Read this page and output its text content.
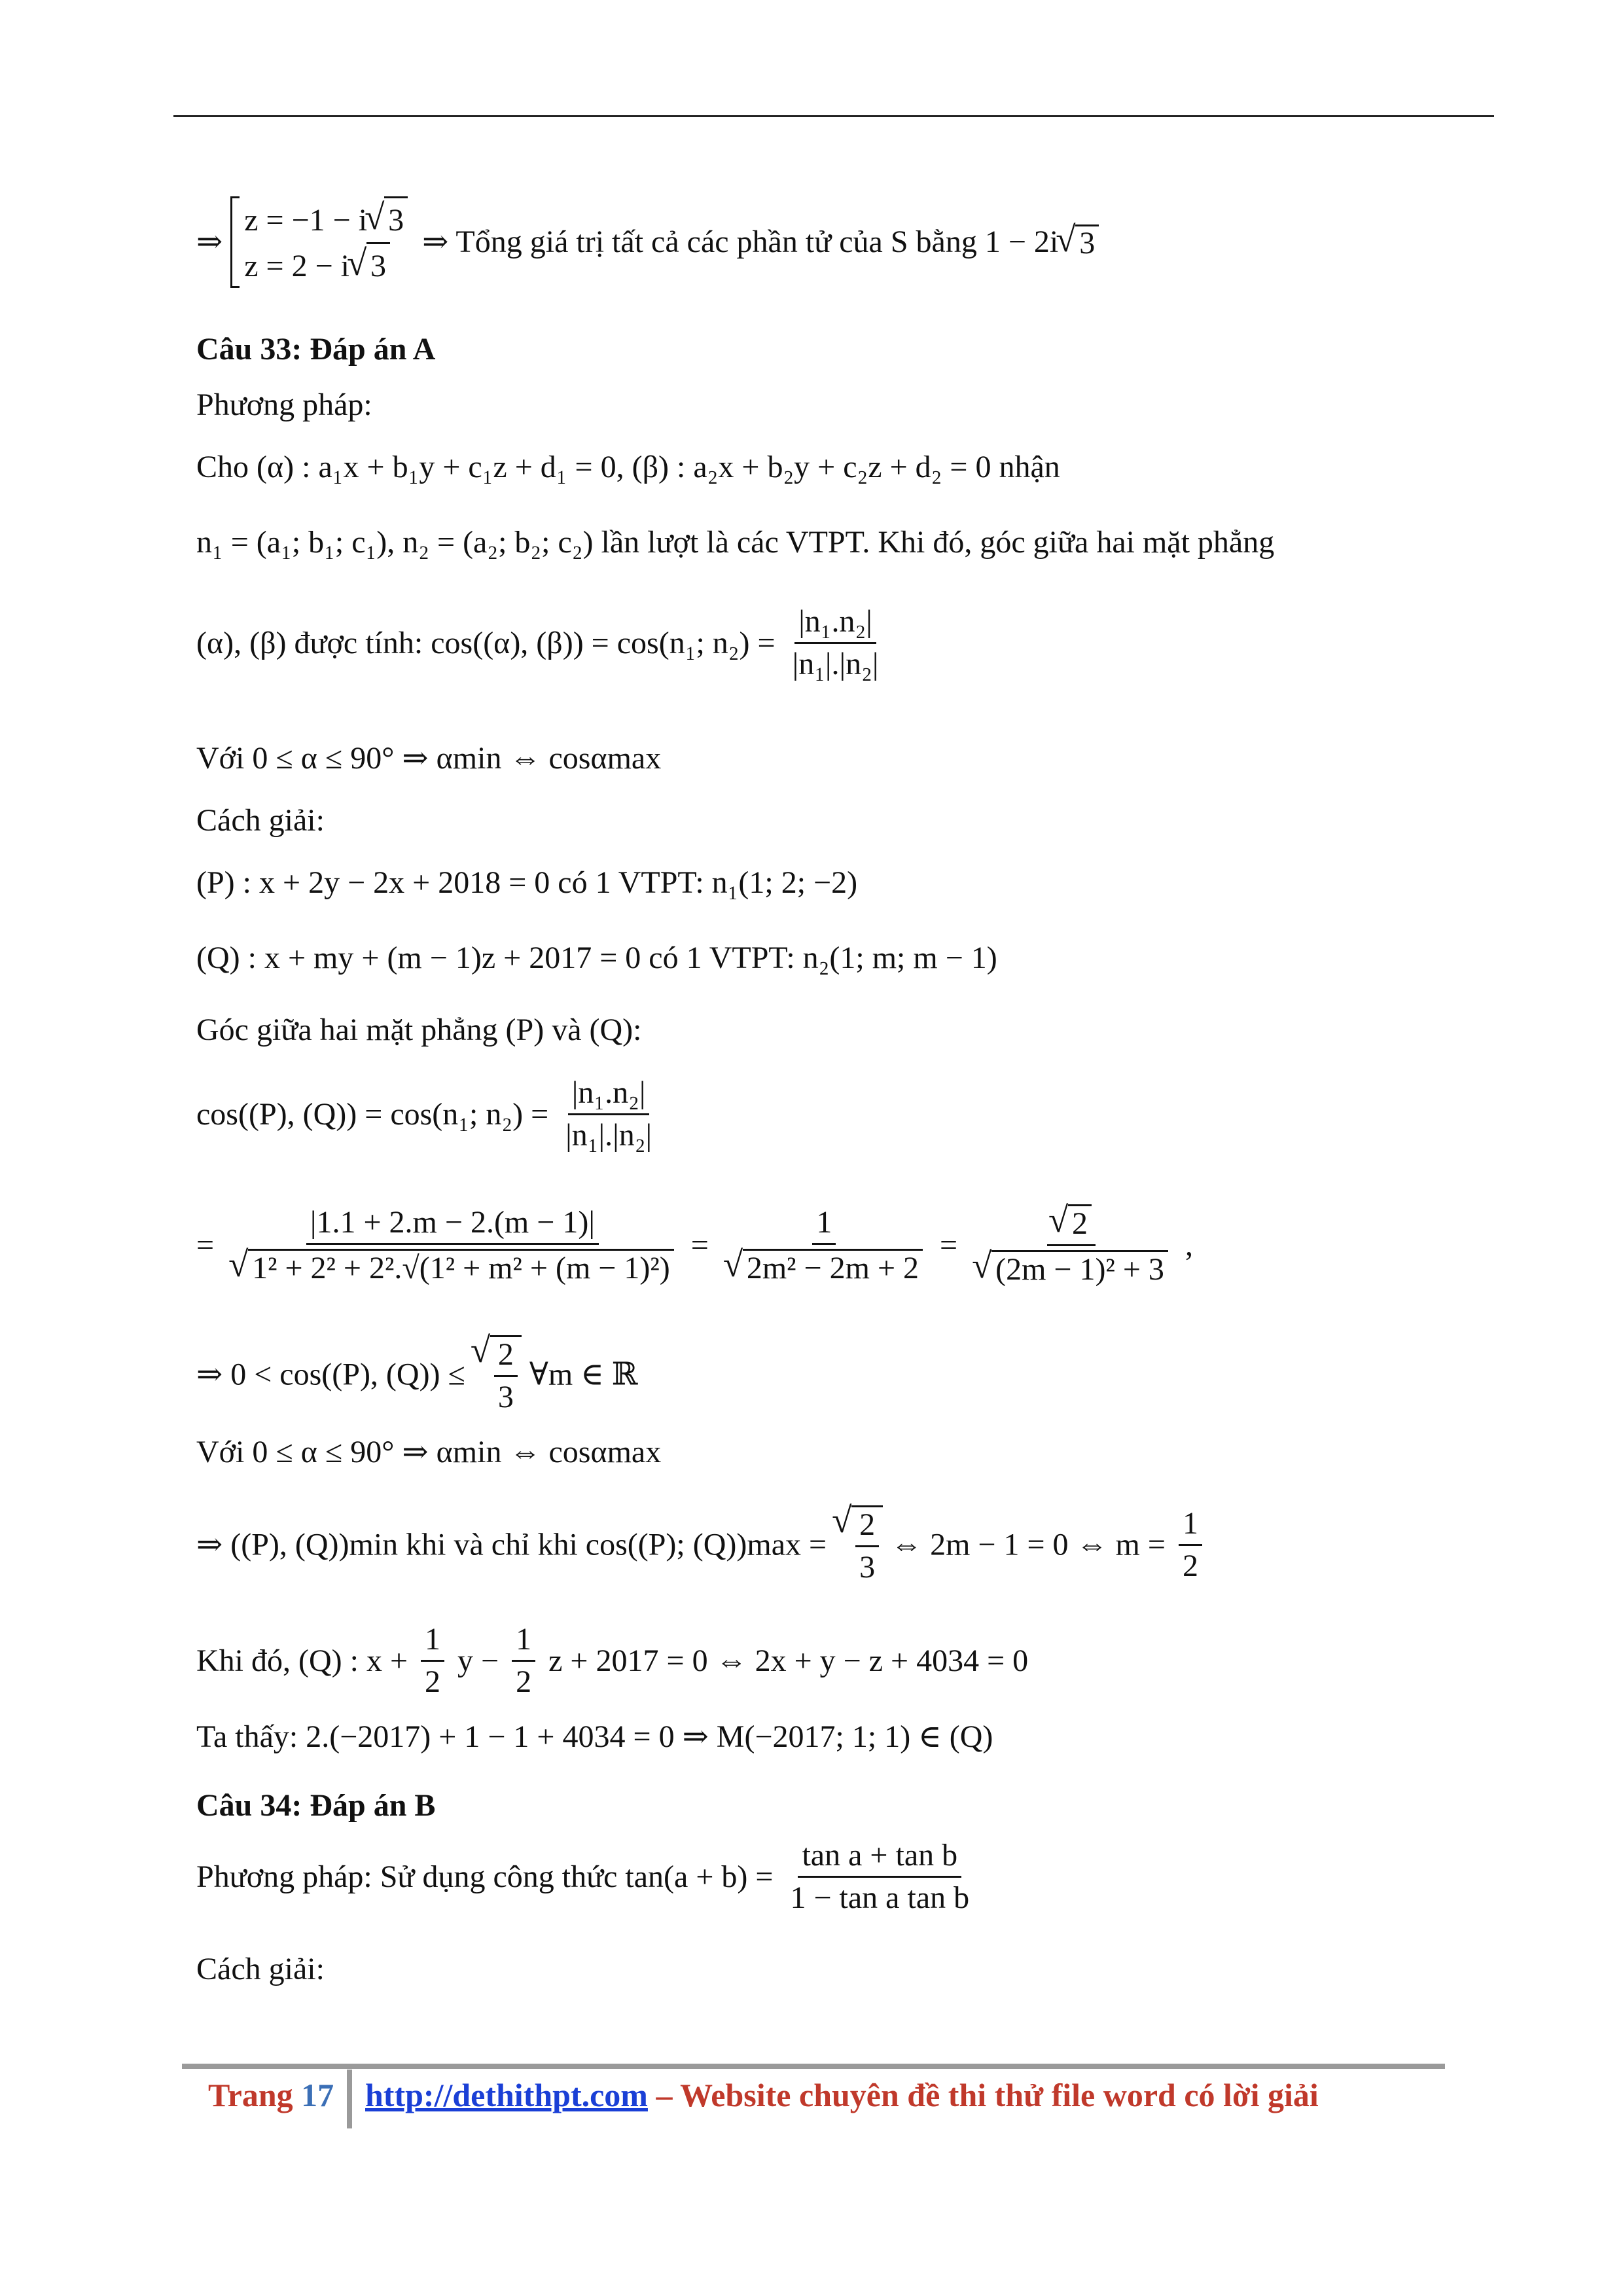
⇒
z = −1 − i √ 3
z = 2 − i √ 3
⇒ Tổng giá trị tất cả các phần tử của S bằng 1 − 2i √ 3
Câu 33: Đáp án A
Phương pháp:
Cho (α) : a₁x + b₁y + c₁z + d₁ = 0, (β) : a₂x + b₂y + c₂z + d₂ = 0 nhận
n₁ = (a₁; b₁; c₁), n₂ = (a₂; b₂; c₂) lần lượt là các VTPT. Khi đó, góc giữa hai mặt phẳng
(α), (β) được tính: cos((α), (β)) = cos(n₁; $n_2) = \frac{\text{|n₁.n₂|}}{\text{|n₁|.|n₂|}}$
Với 0 ≤ α ≤ 90° ⇒ αmin ⇔ cosαmax
Cách giải:
(P) : x + 2y − 2x + 2018 = 0 có 1 VTPT: n₁(1; 2; −2)
(Q) : x + my + (m − 1)z + 2017 = 0 có 1 VTPT: n₂(1; m; m − 1)
Góc giữa hai mặt phẳng (P) và (Q):
cos((P), (Q)) = cos(n₁; $n_2) = \frac{\text{|n₁.n₂|}}{\text{|n₁|.|n₂|}}$
= |1.1 + 2.m − 2.(m − 1)|
√ 1² + 2² + 2².√(1² + m² + (m − 1)²) = 1
√ 2m² − 2m + 2 = √ 2
√ (2m − 1)² + 3 ,
⇒ 0 < cos((P), (Q)) ≤ √ $\frac{2}{3}$ ∀m ∈ ℝ
Với 0 ≤ α ≤ 90° ⇒ αmin ⇔ cosαmax
⇒ ((P), (Q))min khi và chỉ khi cos((P); (Q))max = √ $\frac{2}{3}$ ⇔ 2m − 1 = 0 ⇔ $m = \frac{1}{2}$
Khi đó, (Q) : $x + \frac{1}{2}$ $y - \frac{1}{2}$ z + 2017 = 0 ⇔ 2x + y − z + 4034 = 0
Ta thấy: 2.(−2017) + 1 − 1 + 4034 = 0 ⇒ M(−2017; 1; 1) ∈ (Q)
Câu 34: Đáp án B
Phương pháp: Sử dụng công thức $\tan(a + b) = \frac{\text{tan a + tan b}}{\text{1 − tan a tan b}}$
Cách giải:
Trang 17 http://dethithpt.com – Website chuyên đề thi thử file word có lời giải
